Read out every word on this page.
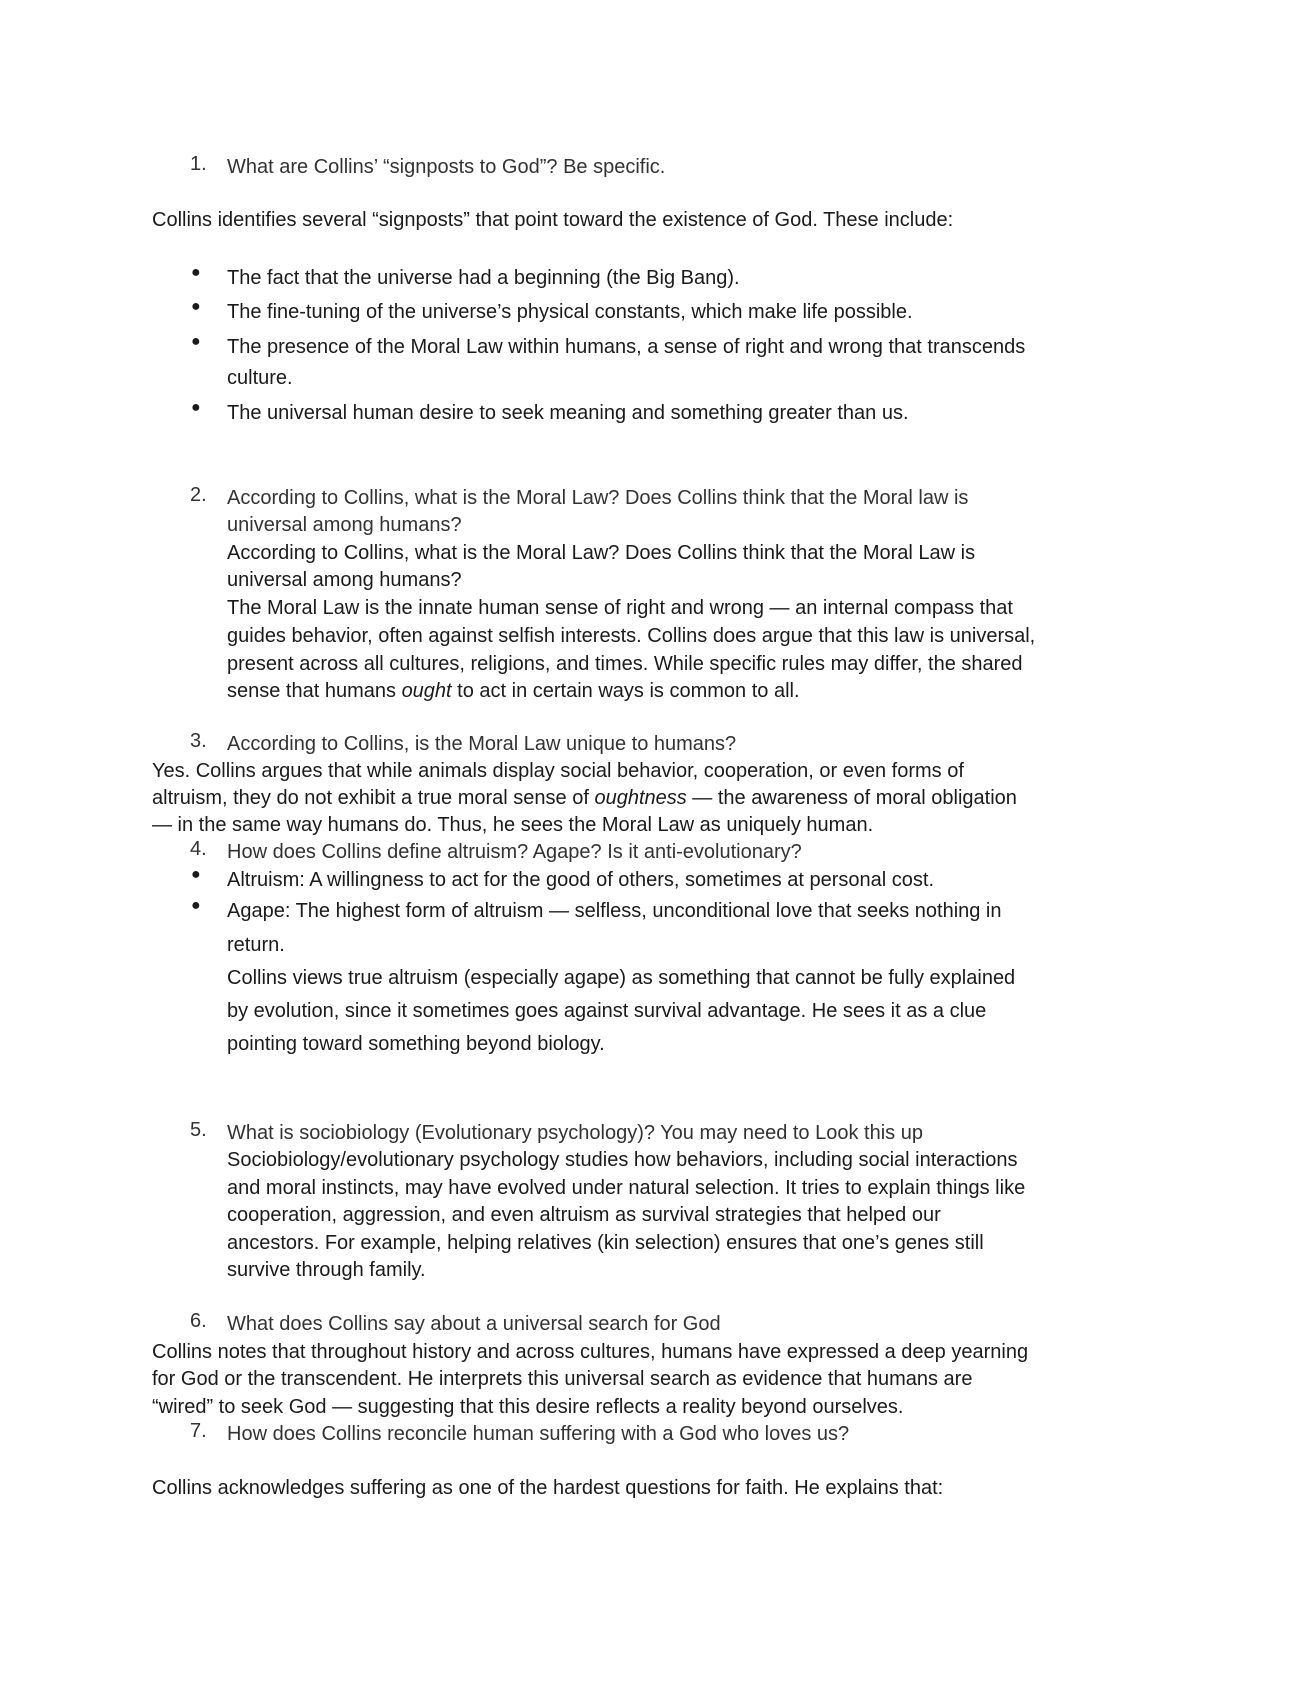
1.	What are Collins’ “signposts to God”? Be specific.
Collins identifies several “signposts” that point toward the existence of God. These include:
● The fact that the universe had a beginning (the Big Bang).
● The fine-tuning of the universe’s physical constants, which make life possible.
● The presence of the Moral Law within humans, a sense of right and wrong that transcends
culture.
● The universal human desire to seek meaning and something greater than us.
2.	According to Collins, what is the Moral Law? Does Collins think that the Moral law is
universal among humans?
According to Collins, what is the Moral Law? Does Collins think that the Moral Law is
universal among humans?
The Moral Law is the innate human sense of right and wrong — an internal compass that
guides behavior, often against selfish interests. Collins does argue that this law is universal,
present across all cultures, religions, and times. While specific rules may differ, the shared
sense that humans ought to act in certain ways is common to all.
3.	According to Collins, is the Moral Law unique to humans?
Yes. Collins argues that while animals display social behavior, cooperation, or even forms of
altruism, they do not exhibit a true moral sense of oughtness — the awareness of moral obligation
— in the same way humans do. Thus, he sees the Moral Law as uniquely human.
4.	How does Collins define altruism? Agape? Is it anti-evolutionary?
● Altruism: A willingness to act for the good of others, sometimes at personal cost.
● Agape: The highest form of altruism — selfless, unconditional love that seeks nothing in
return.
Collins views true altruism (especially agape) as something that cannot be fully explained
by evolution, since it sometimes goes against survival advantage. He sees it as a clue
pointing toward something beyond biology.
5.	What is sociobiology (Evolutionary psychology)? You may need to Look this up
Sociobiology/evolutionary psychology studies how behaviors, including social interactions
and moral instincts, may have evolved under natural selection. It tries to explain things like
cooperation, aggression, and even altruism as survival strategies that helped our
ancestors. For example, helping relatives (kin selection) ensures that one’s genes still
survive through family.
6.	What does Collins say about a universal search for God
Collins notes that throughout history and across cultures, humans have expressed a deep yearning
for God or the transcendent. He interprets this universal search as evidence that humans are
“wired” to seek God — suggesting that this desire reflects a reality beyond ourselves.
7.	How does Collins reconcile human suffering with a God who loves us?
Collins acknowledges suffering as one of the hardest questions for faith. He explains that:
